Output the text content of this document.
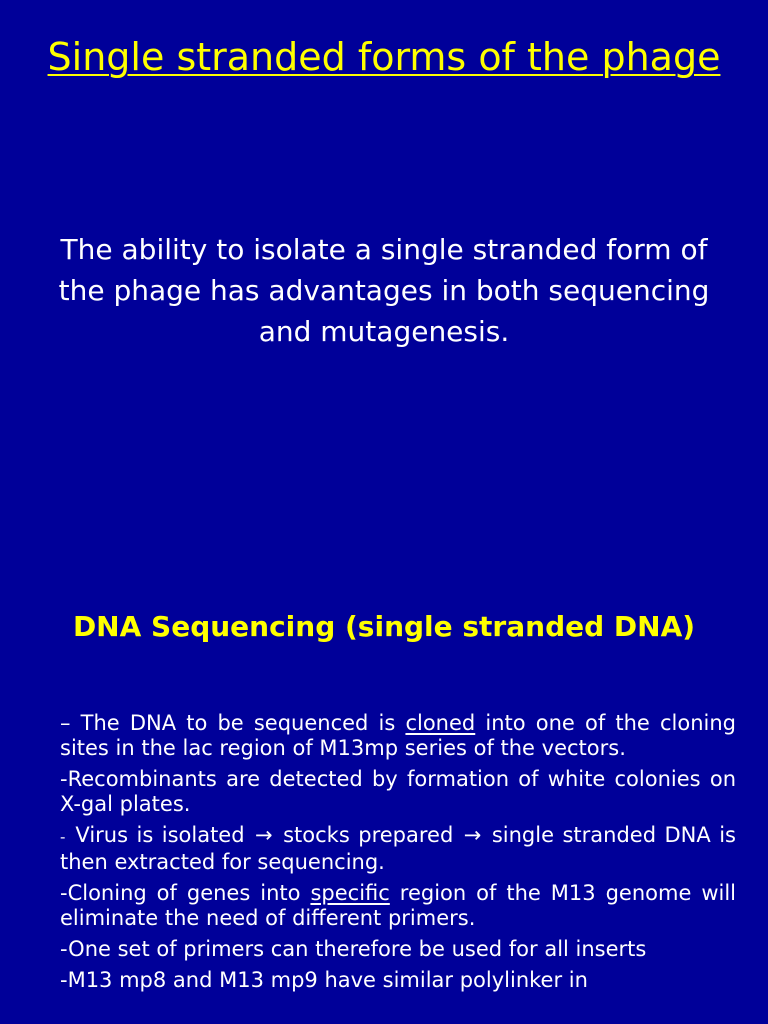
Single stranded forms of the phage

The ability to isolate a single stranded form of the phage has advantages in both sequencing and mutagenesis.

DNA Sequencing (single stranded DNA)
– The DNA to be sequenced is cloned into one of the cloning sites in the lac region of M13mp series of the vectors.
-Recombinants are detected by formation of white colonies on X-gal plates.
- Virus is isolated → stocks prepared → single stranded DNA is then extracted for sequencing.
-Cloning of genes into specific region of the M13 genome will eliminate the need of different primers.
-One set of primers can therefore be used for all inserts
-M13 mp8 and M13 mp9 have similar polylinker in
